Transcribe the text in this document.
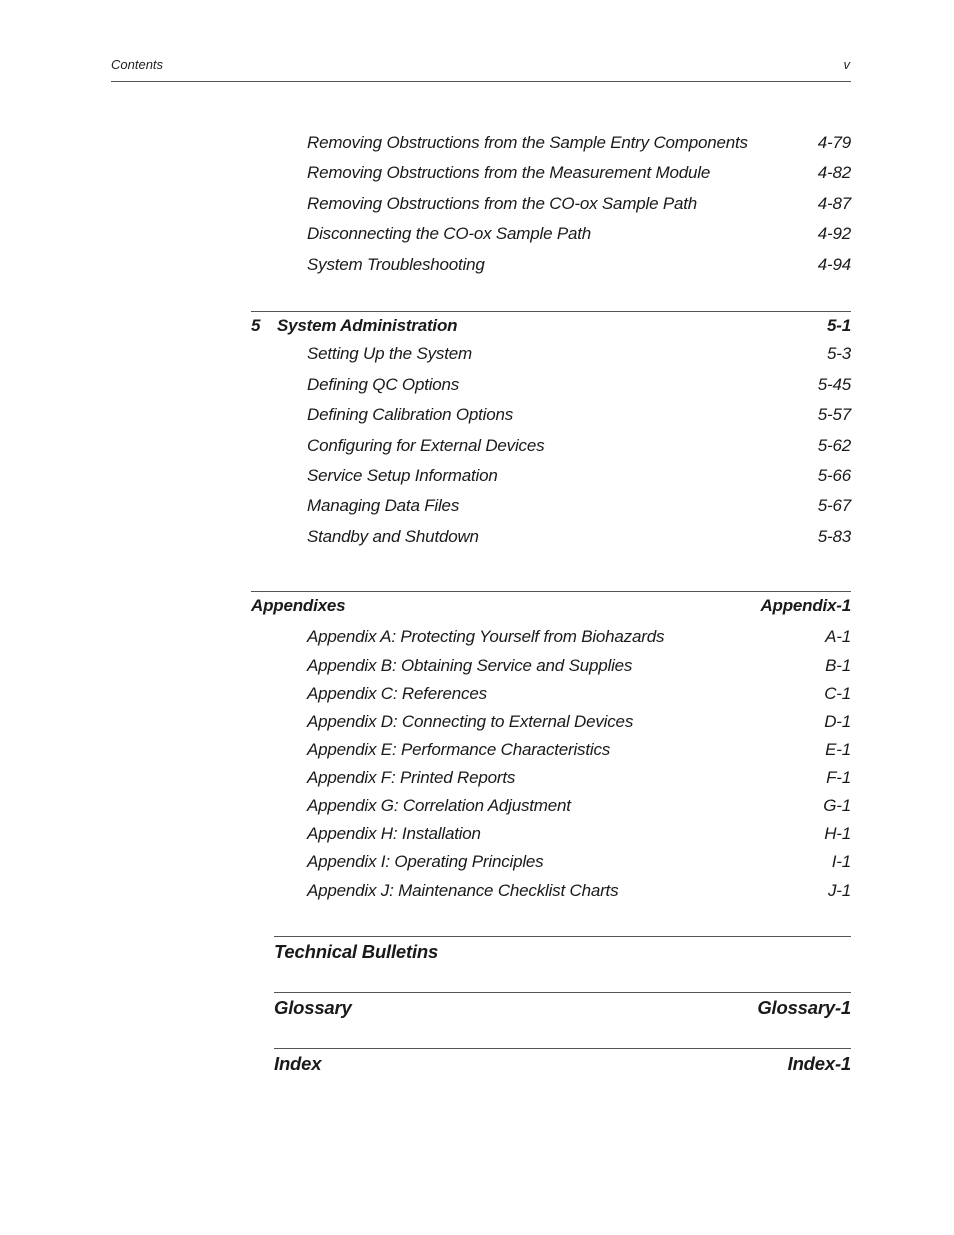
Contents	v
Removing Obstructions from the Sample Entry Components	4-79
Removing Obstructions from the Measurement Module	4-82
Removing Obstructions from the CO-ox Sample Path	4-87
Disconnecting the CO-ox Sample Path	4-92
System Troubleshooting	4-94
5 System Administration	5-1
Setting Up the System	5-3
Defining QC Options	5-45
Defining Calibration Options	5-57
Configuring for External Devices	5-62
Service Setup Information	5-66
Managing Data Files	5-67
Standby and Shutdown	5-83
Appendixes	Appendix-1
Appendix A: Protecting Yourself from Biohazards	A-1
Appendix B: Obtaining Service and Supplies	B-1
Appendix C: References	C-1
Appendix D: Connecting to External Devices	D-1
Appendix E: Performance Characteristics	E-1
Appendix F: Printed Reports	F-1
Appendix G: Correlation Adjustment	G-1
Appendix H: Installation	H-1
Appendix I: Operating Principles	I-1
Appendix J: Maintenance Checklist Charts	J-1
Technical Bulletins
Glossary	Glossary-1
Index	Index-1
